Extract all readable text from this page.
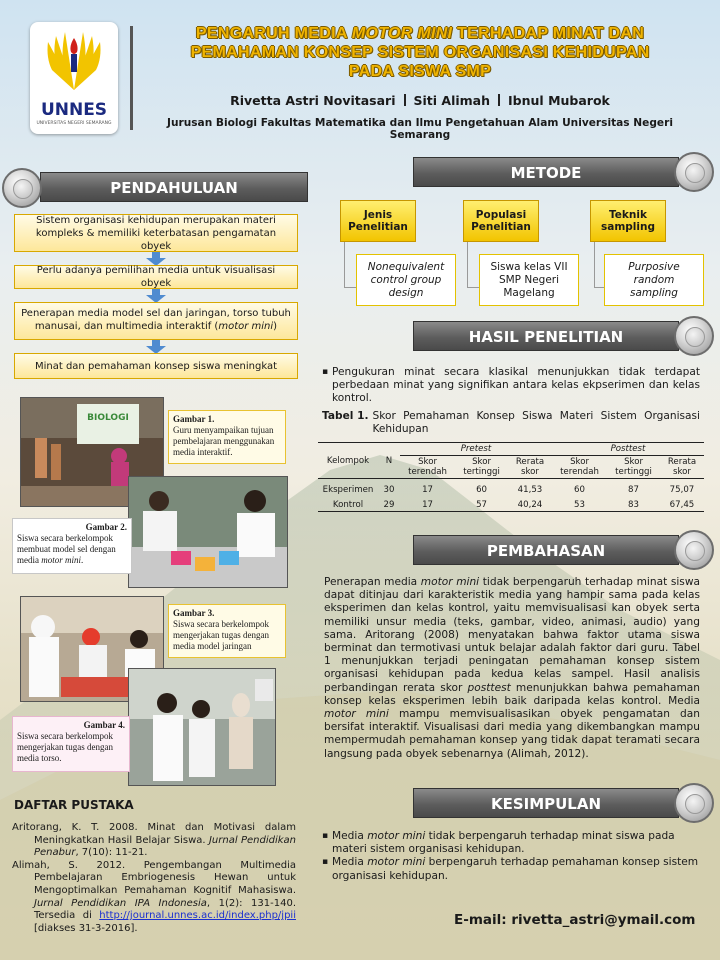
UNNES
UNIVERSITAS NEGERI SEMARANG
PENGARUH MEDIA MOTOR MINI TERHADAP MINAT DAN
PEMAHAMAN KONSEP SISTEM ORGANISASI KEHIDUPAN
PADA SISWA SMP
Rivetta Astri Novitasari Siti Alimah Ibnul Mubarok
Jurusan Biologi Fakultas Matematika dan Ilmu Pengetahuan Alam Universitas Negeri Semarang
PENDAHULUAN
Sistem organisasi kehidupan merupakan materi kompleks & memiliki keterbatasan pengamatan obyek
Perlu adanya pemilihan media untuk visualisasi obyek
Penerapan media model sel dan jaringan, torso tubuh manusai, dan multimedia interaktif (motor mini)
Minat dan pemahaman konsep siswa meningkat
METODE
Jenis Penelitian
Nonequivalent control group design
Populasi Penelitian
Siswa kelas VII SMP Negeri Magelang
Teknik sampling
Purposive random sampling
BIOLOGI	Gambar 1.
Guru menyampaikan tujuan pembelajaran menggunakan media interaktif.
Gambar 2.
Siswa secara berkelompok membuat model sel dengan media motor mini.
Gambar 3.
Siswa secara berkelompok mengerjakan tugas dengan media model jaringan
Gambar 4.
Siswa secara berkelompok mengerjakan tugas dengan media torso.
DAFTAR PUSTAKA
Aritorang, K. T. 2008. Minat dan Motivasi dalam Meningkatkan Hasil Belajar Siswa. Jurnal Pendidikan Penabur, 7(10): 11-21.
Alimah, S. 2012. Pengembangan Multimedia Pembelajaran Embriogenesis Hewan untuk Mengoptimalkan Pemahaman Kognitif Mahasiswa. Jurnal Pendidikan IPA Indonesia, 1(2): 131-140. Tersedia di http://journal.unnes.ac.id/index.php/jpii [diakses 31-3-2016].
HASIL PENELITIAN
▪ Pengukuran minat secara klasikal menunjukkan tidak terdapat perbedaan minat yang signifikan antara kelas ekpserimen dan kelas kontrol.
Tabel 1. Skor Pemahaman Konsep Siswa Materi Sistem Organisasi Kehidupan
Kelompok	N	Pretest			Posttest		
		Skor terendah	Skor tertinggi	Rerata skor	Skor terendah	Skor tertinggi	Rerata skor
Eksperimen	30	17	60	41,53	60	87	75,07
Kontrol	29	17	57	40,24	53	83	67,45
PEMBAHASAN
Penerapan media motor mini tidak berpengaruh terhadap minat siswa dapat ditinjau dari karakteristik media yang hampir sama pada kelas eksperimen dan kelas kontrol, yaitu memvisualisasi kan obyek serta memiliki unsur media (teks, gambar, video, animasi, audio) yang sama. Aritorang (2008) menyatakan bahwa faktor utama siswa berminat dan termotivasi untuk belajar adalah faktor dari guru. Tabel 1 menunjukkan terjadi peningatan pemahaman konsep sistem organisasi kehidupan pada kedua kelas sampel. Hasil analisis perbandingan rerata skor posttest menunjukkan bahwa pemahaman konsep kelas eksperimen lebih baik daripada kelas kontrol. Media motor mini mampu memvisualisasikan obyek pengamatan dan bersifat interaktif. Visualisasi dari media yang dikembangkan mampu mempermudah pemahaman konsep yang tidak dapat teramati secara langsung pada obyek sebenarnya (Alimah, 2012).
KESIMPULAN
▪ Media motor mini tidak berpengaruh terhadap minat siswa pada materi sistem organisasi kehidupan.
▪ Media motor mini berpengaruh terhadap pemahaman konsep sistem organisasi kehidupan.
E-mail: rivetta_astri@ymail.com
